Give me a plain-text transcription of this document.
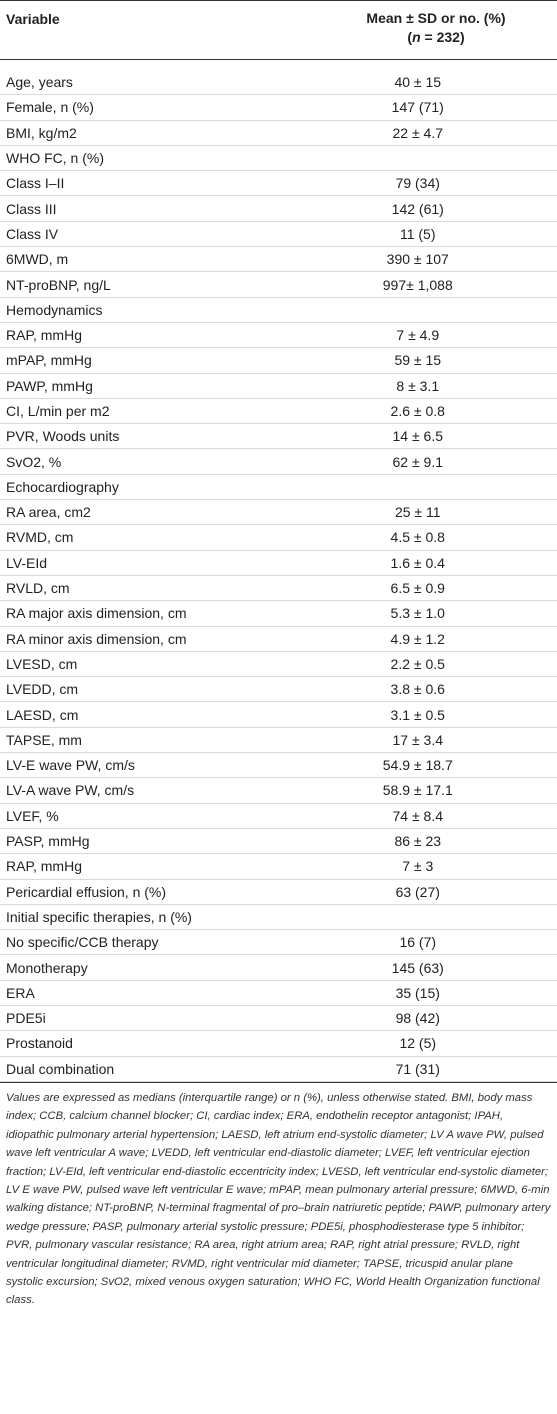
Variable	Mean ± SD or no. (%)
(n = 232)

Age, years	40 ± 15
Female, n (%)	147 (71)
BMI, kg/m2	22 ± 4.7
WHO FC, n (%)	
Class I–II	79 (34)
Class III	142 (61)
Class IV	11 (5)
6MWD, m	390 ± 107
NT-proBNP, ng/L	997± 1,088
Hemodynamics	
RAP, mmHg	7 ± 4.9
mPAP, mmHg	59 ± 15
PAWP, mmHg	8 ± 3.1
CI, L/min per m2	2.6 ± 0.8
PVR, Woods units	14 ± 6.5
SvO2, %	62 ± 9.1
Echocardiography	
RA area, cm2	25 ± 11
RVMD, cm	4.5 ± 0.8
LV-EId	1.6 ± 0.4
RVLD, cm	6.5 ± 0.9
RA major axis dimension, cm	5.3 ± 1.0
RA minor axis dimension, cm	4.9 ± 1.2
LVESD, cm	2.2 ± 0.5
LVEDD, cm	3.8 ± 0.6
LAESD, cm	3.1 ± 0.5
TAPSE, mm	17 ± 3.4
LV-E wave PW, cm/s	54.9 ± 18.7
LV-A wave PW, cm/s	58.9 ± 17.1
LVEF, %	74 ± 8.4
PASP, mmHg	86 ± 23
RAP, mmHg	7 ± 3
Pericardial effusion, n (%)	63 (27)
Initial specific therapies, n (%)	
No specific/CCB therapy	16 (7)
Monotherapy	145 (63)
ERA	35 (15)
PDE5i	98 (42)
Prostanoid	12 (5)
Dual combination	71 (31)
Values are expressed as medians (interquartile range) or n (%), unless otherwise stated. BMI, body mass index; CCB, calcium channel blocker; CI, cardiac index; ERA, endothelin receptor antagonist; IPAH, idiopathic pulmonary arterial hypertension; LAESD, left atrium end-systolic diameter; LV A wave PW, pulsed wave left ventricular A wave; LVEDD, left ventricular end-diastolic diameter; LVEF, left ventricular ejection fraction; LV-EId, left ventricular end-diastolic eccentricity index; LVESD, left ventricular end-systolic diameter; LV E wave PW, pulsed wave left ventricular E wave; mPAP, mean pulmonary arterial pressure; 6MWD, 6-min walking distance; NT-proBNP, N-terminal fragmental of pro–brain natriuretic peptide; PAWP, pulmonary artery wedge pressure; PASP, pulmonary arterial systolic pressure; PDE5i, phosphodiesterase type 5 inhibitor; PVR, pulmonary vascular resistance; RA area, right atrium area; RAP, right atrial pressure; RVLD, right ventricular longitudinal diameter; RVMD, right ventricular mid diameter; TAPSE, tricuspid anular plane systolic excursion; SvO2, mixed venous oxygen saturation; WHO FC, World Health Organization functional class.
